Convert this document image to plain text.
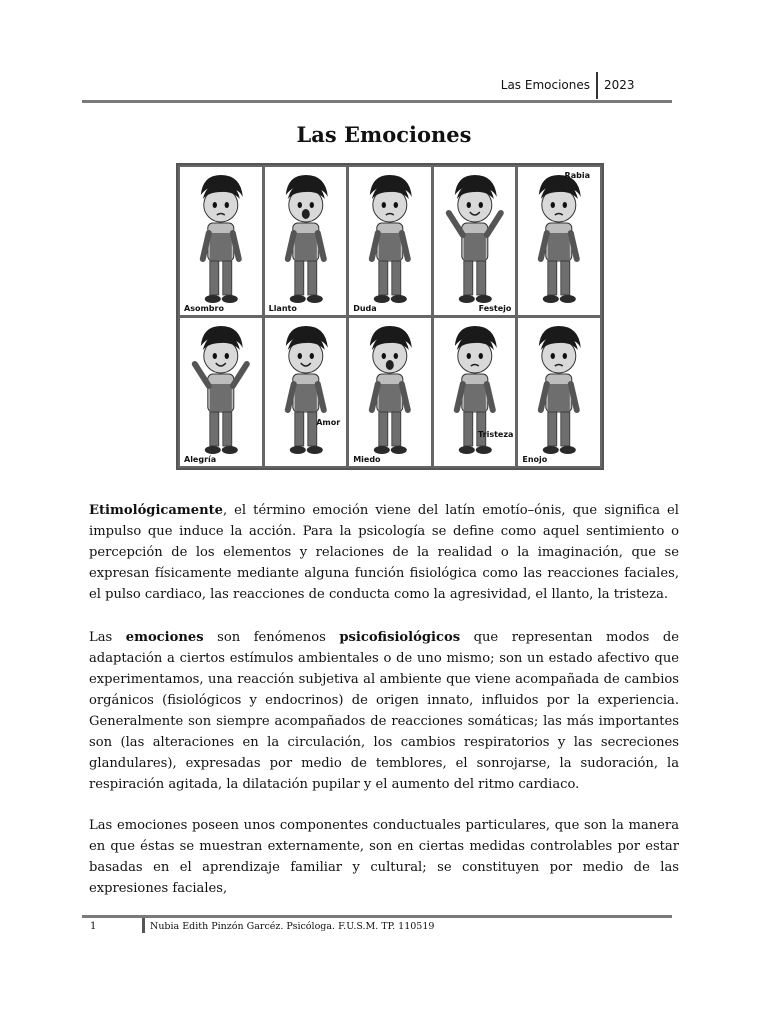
Las Emociones 2023
Las Emociones
Asombro	Llanto	Duda	Festejo
Rabia
Alegría
Amor
Miedo
Tristeza
Enojo
Etimológicamente, el término emoción viene del latín emotío–ónis, que significa el impulso que induce la acción. Para la psicología se define como aquel sentimiento o percepción de los elementos y relaciones de la realidad o la imaginación, que se expresan físicamente mediante alguna función fisiológica como las reacciones faciales, el pulso cardiaco, las reacciones de conducta como la agresividad, el llanto, la tristeza.
Las emociones son fenómenos psicofisiológicos que representan modos de adaptación a ciertos estímulos ambientales o de uno mismo; son un estado afectivo que experimentamos, una reacción subjetiva al ambiente que viene acompañada de cambios orgánicos (fisiológicos y endocrinos) de origen innato, influidos por la experiencia. Generalmente son siempre acompañados de reacciones somáticas; las más importantes son (las alteraciones en la circulación, los cambios respiratorios y las secreciones glandulares), expresadas por medio de temblores, el sonrojarse, la sudoración, la respiración agitada, la dilatación pupilar y el aumento del ritmo cardiaco.
Las emociones poseen unos componentes conductuales particulares, que son la manera en que éstas se muestran externamente, son en ciertas medidas controlables por estar basadas en el aprendizaje familiar y cultural; se constituyen por medio de las expresiones faciales,
1	Nubia Edith Pinzón Garcéz. Psicóloga. F.U.S.M. TP. 110519
